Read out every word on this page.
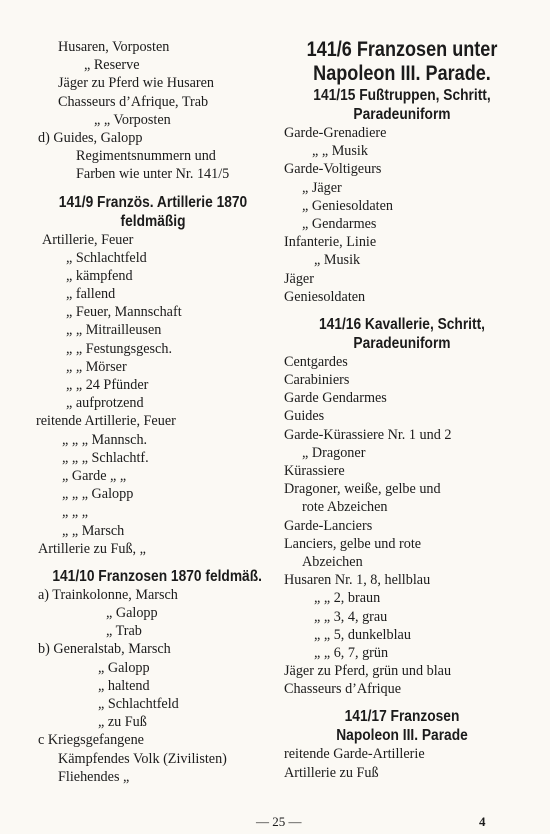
Husaren, Vorposten
„ Reserve
Jäger zu Pferd wie Husaren
Chasseurs d’Afrique, Trab
„ „ Vorposten
d) Guides, Galopp
Regimentsnummern und
Farben wie unter Nr. 141/5
141/9 Französ. Artillerie 1870
feldmäßig
Artillerie, Feuer
„ Schlachtfeld
„ kämpfend
„ fallend
„ Feuer, Mannschaft
„ „ Mitrailleusen
„ „ Festungsgesch.
„ „ Mörser
„ „ 24 Pfünder
„ aufprotzend
reitende Artillerie, Feuer
„ „ „ Mannsch.
„ „ „ Schlachtf.
„ Garde „ „
„ „ „ Galopp
„ „ „
„ „ Marsch
Artillerie zu Fuß, „
141/10 Franzosen 1870 feldmäß.
a) Trainkolonne, Marsch
„ Galopp
„ Trab
b) Generalstab, Marsch
„ Galopp
„ haltend
„ Schlachtfeld
„ zu Fuß
c Kriegsgefangene
Kämpfendes Volk (Zivilisten)
Fliehendes „
141/6 Franzosen unter
Napoleon III. Parade.
141/15 Fußtruppen, Schritt,
Paradeuniform
Garde-Grenadiere
„ „ Musik
Garde-Voltigeurs
„ Jäger
„ Geniesoldaten
„ Gendarmes
Infanterie, Linie
„ Musik
Jäger
Geniesoldaten
141/16 Kavallerie, Schritt,
Paradeuniform
Centgardes
Carabiniers
Garde Gendarmes
Guides
Garde-Kürassiere Nr. 1 und 2
„ Dragoner
Kürassiere
Dragoner, weiße, gelbe und
rote Abzeichen
Garde-Lanciers
Lanciers, gelbe und rote
Abzeichen
Husaren Nr. 1, 8, hellblau
„ „ 2, braun
„ „ 3, 4, grau
„ „ 5, dunkelblau
„ „ 6, 7, grün
Jäger zu Pferd, grün und blau
Chasseurs d’Afrique
141/17 Franzosen
Napoleon III. Parade
reitende Garde-Artillerie
Artillerie zu Fuß
— 25 —	4
